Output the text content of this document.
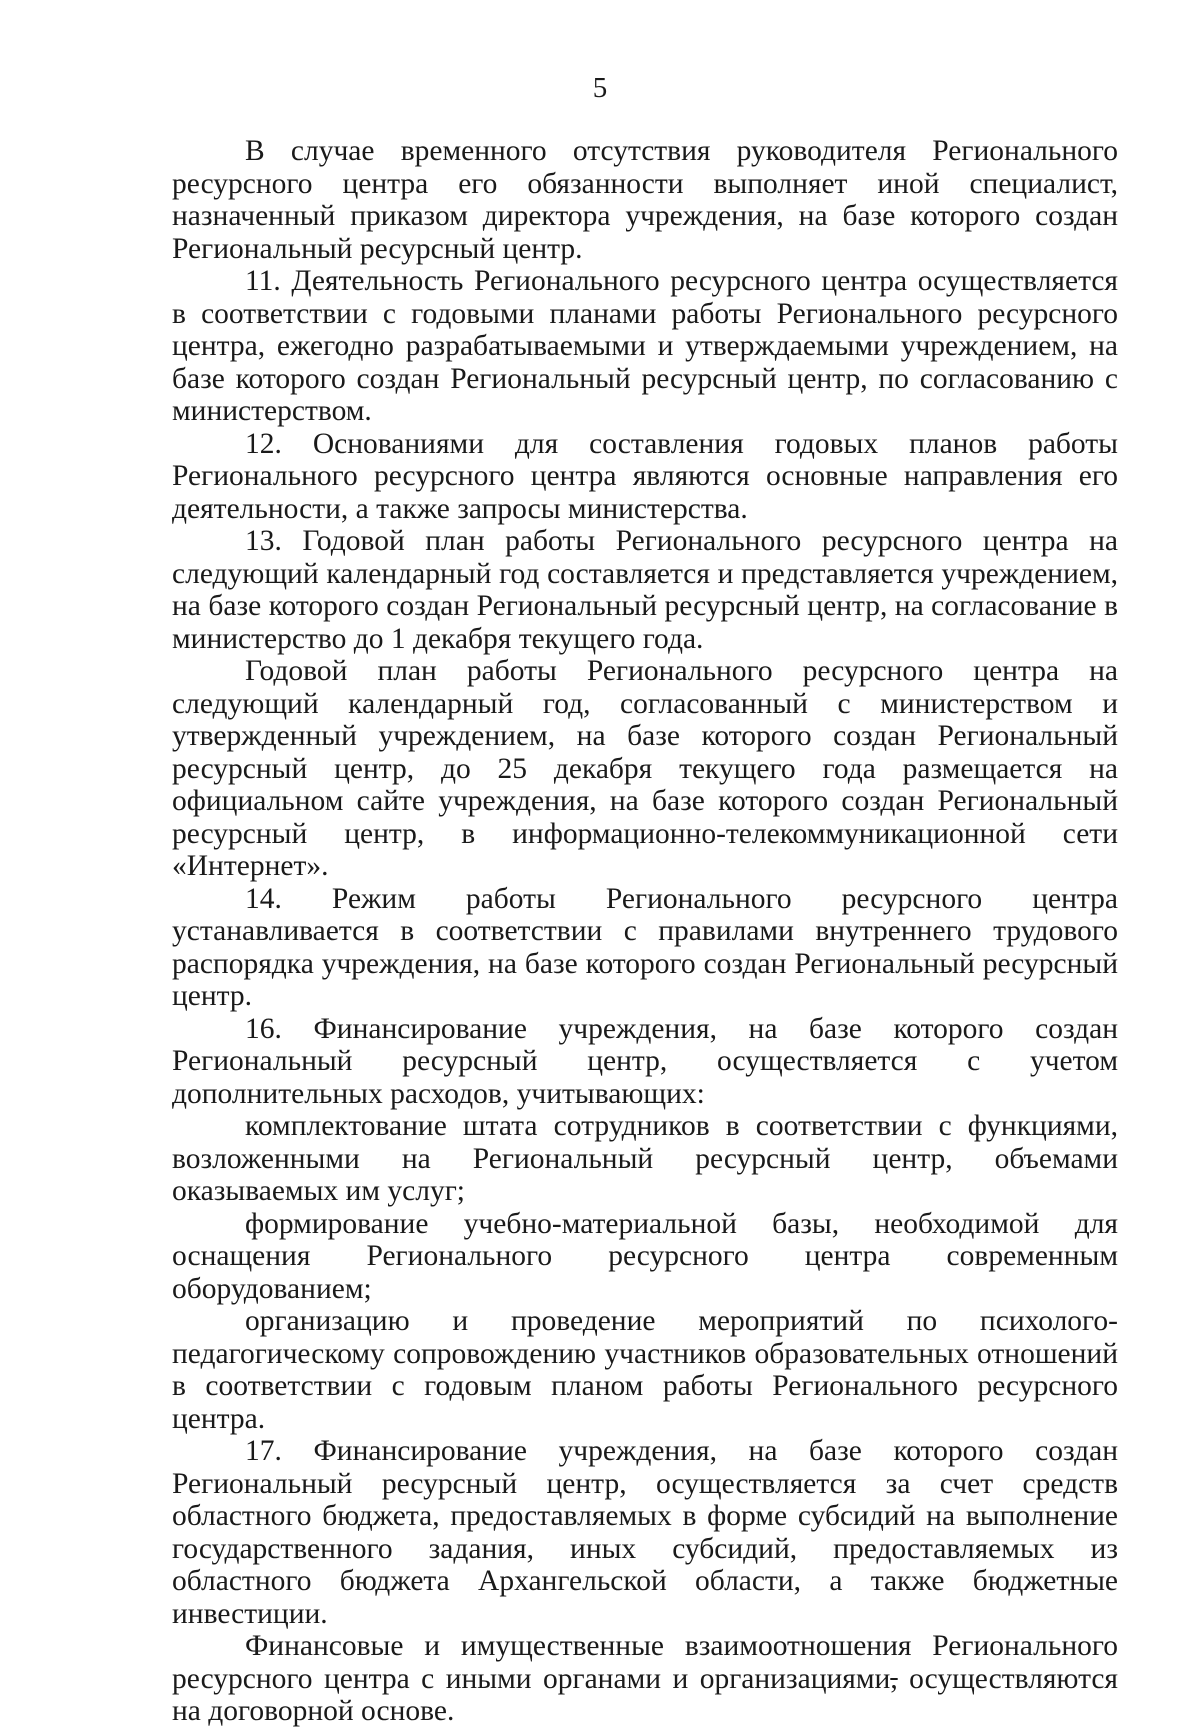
5

В случае временного отсутствия руководителя Регионального ресурсного центра его обязанности выполняет иной специалист, назначенный приказом директора учреждения, на базе которого создан Региональный ресурсный центр.

11. Деятельность Регионального ресурсного центра осуществляется в соответствии с годовыми планами работы Регионального ресурсного центра, ежегодно разрабатываемыми и утверждаемыми учреждением, на базе которого создан Региональный ресурсный центр, по согласованию с министерством.

12. Основаниями для составления годовых планов работы Регионального ресурсного центра являются основные направления его деятельности, а также запросы министерства.

13. Годовой план работы Регионального ресурсного центра на следующий календарный год составляется и представляется учреждением, на базе которого создан Региональный ресурсный центр, на согласование в министерство до 1 декабря текущего года.

Годовой план работы Регионального ресурсного центра на следующий календарный год, согласованный с министерством и утвержденный учреждением, на базе которого создан Региональный ресурсный центр, до 25 декабря текущего года размещается на официальном сайте учреждения, на базе которого создан Региональный ресурсный центр, в информационно-телекоммуникационной сети «Интернет».

14. Режим работы Регионального ресурсного центра устанавливается в соответствии с правилами внутреннего трудового распорядка учреждения, на базе которого создан Региональный ресурсный центр.

16. Финансирование учреждения, на базе которого создан Региональный ресурсный центр, осуществляется с учетом дополнительных расходов, учитывающих:

комплектование штата сотрудников в соответствии с функциями, возложенными на Региональный ресурсный центр, объемами оказываемых им услуг;

формирование учебно-материальной базы, необходимой для оснащения Регионального ресурсного центра современным оборудованием;

организацию и проведение мероприятий по психолого-педагогическому сопровождению участников образовательных отношений в соответствии с годовым планом работы Регионального ресурсного центра.

17. Финансирование учреждения, на базе которого создан Региональный ресурсный центр, осуществляется за счет средств областного бюджета, предоставляемых в форме субсидий на выполнение государственного задания, иных субсидий, предоставляемых из областного бюджета Архангельской области, а также бюджетные инвестиции.

Финансовые и имущественные взаимоотношения Регионального ресурсного центра с иными органами и организациями, осуществляются на договорной основе.
